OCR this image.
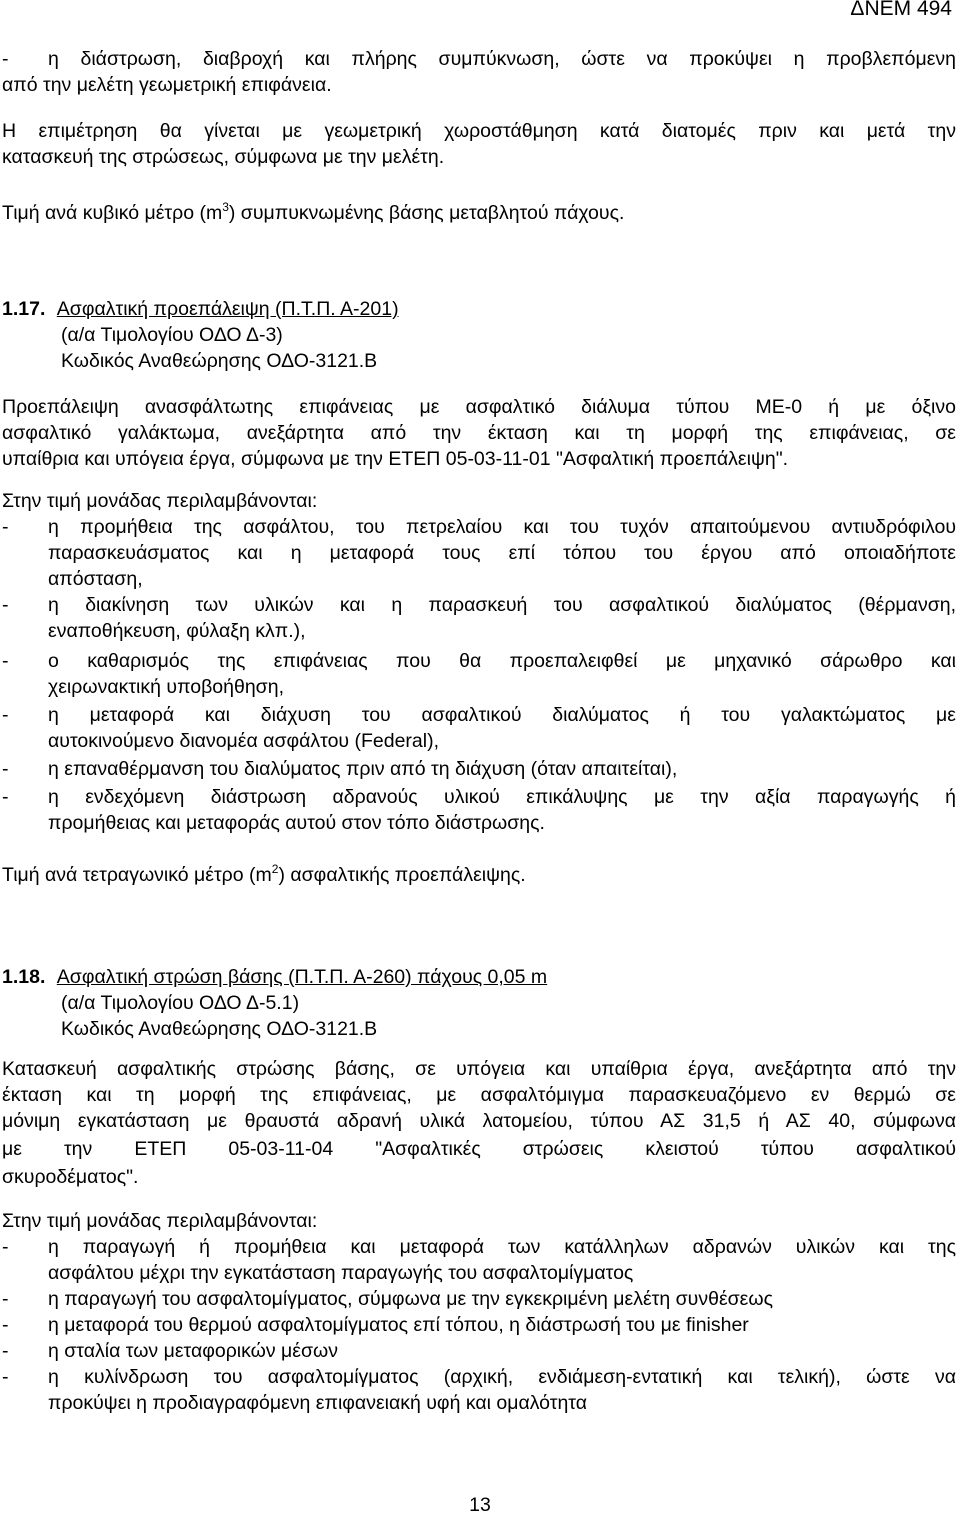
ΔΝΕΜ 494
- η διάστρωση, διαβροχή και πλήρης συμπύκνωση, ώστε να προκύψει η προβλεπόμενη
από την μελέτη γεωμετρική επιφάνεια.
Η επιμέτρηση θα γίνεται με γεωμετρική χωροστάθμηση κατά διατομές πριν και μετά την
κατασκευή της στρώσεως, σύμφωνα με την μελέτη.
Τιμή ανά κυβικό μέτρο $(m^3)$ συμπυκνωμένης βάσης μεταβλητού πάχους.
1.17. Ασφαλτική προεπάλειψη (Π.Τ.Π. Α-201)
(α/α Τιμολογίου ΟΔΟ Δ-3)
Κωδικός Αναθεώρησης ΟΔΟ-3121.Β
Προεπάλειψη ανασφάλτωτης επιφάνειας με ασφαλτικό διάλυμα τύπου ΜΕ-0 ή με όξινο
ασφαλτικό γαλάκτωμα, ανεξάρτητα από την έκταση και τη μορφή της επιφάνειας, σε
υπαίθρια και υπόγεια έργα, σύμφωνα με την ΕΤΕΠ 05-03-11-01 "Ασφαλτική προεπάλειψη".
Στην τιμή μονάδας περιλαμβάνονται:
- η προμήθεια της ασφάλτου, του πετρελαίου και του τυχόν απαιτούμενου αντιυδρόφιλου
παρασκευάσματος και η μεταφορά τους επί τόπου του έργου από οποιαδήποτε
απόσταση,
- η διακίνηση των υλικών και η παρασκευή του ασφαλτικού διαλύματος (θέρμανση,
εναποθήκευση, φύλαξη κλπ.),
- ο καθαρισμός της επιφάνειας που θα προεπαλειφθεί με μηχανικό σάρωθρο και
χειρωνακτική υποβοήθηση,
- η μεταφορά και διάχυση του ασφαλτικού διαλύματος ή του γαλακτώματος με
αυτοκινούμενο διανομέα ασφάλτου (Federal),
- η επαναθέρμανση του διαλύματος πριν από τη διάχυση (όταν απαιτείται),
- η ενδεχόμενη διάστρωση αδρανούς υλικού επικάλυψης με την αξία παραγωγής ή
προμήθειας και μεταφοράς αυτού στον τόπο διάστρωσης.
Τιμή ανά τετραγωνικό μέτρο $(m^2)$ ασφαλτικής προεπάλειψης.
1.18. Ασφαλτική στρώση βάσης (Π.Τ.Π. Α-260) πάχους 0,05 m
(α/α Τιμολογίου ΟΔΟ Δ-5.1)
Κωδικός Αναθεώρησης ΟΔΟ-3121.Β
Κατασκευή ασφαλτικής στρώσης βάσης, σε υπόγεια και υπαίθρια έργα, ανεξάρτητα από την
έκταση και τη μορφή της επιφάνειας, με ασφαλτόμιγμα παρασκευαζόμενο εν θερμώ σε
μόνιμη εγκατάσταση με θραυστά αδρανή υλικά λατομείου, τύπου ΑΣ 31,5 ή ΑΣ 40, σύμφωνα
με την ΕΤΕΠ 05-03-11-04 "Ασφαλτικές στρώσεις κλειστού τύπου ασφαλτικού
σκυροδέματος".
Στην τιμή μονάδας περιλαμβάνονται:
- η παραγωγή ή προμήθεια και μεταφορά των κατάλληλων αδρανών υλικών και της
ασφάλτου μέχρι την εγκατάσταση παραγωγής του ασφαλτομίγματος
- η παραγωγή του ασφαλτομίγματος, σύμφωνα με την εγκεκριμένη μελέτη συνθέσεως
- η μεταφορά του θερμού ασφαλτομίγματος επί τόπου, η διάστρωσή του με finisher
- η σταλία των μεταφορικών μέσων
- η κυλίνδρωση του ασφαλτομίγματος (αρχική, ενδιάμεση-εντατική και τελική), ώστε να
προκύψει η προδιαγραφόμενη επιφανειακή υφή και ομαλότητα
13
